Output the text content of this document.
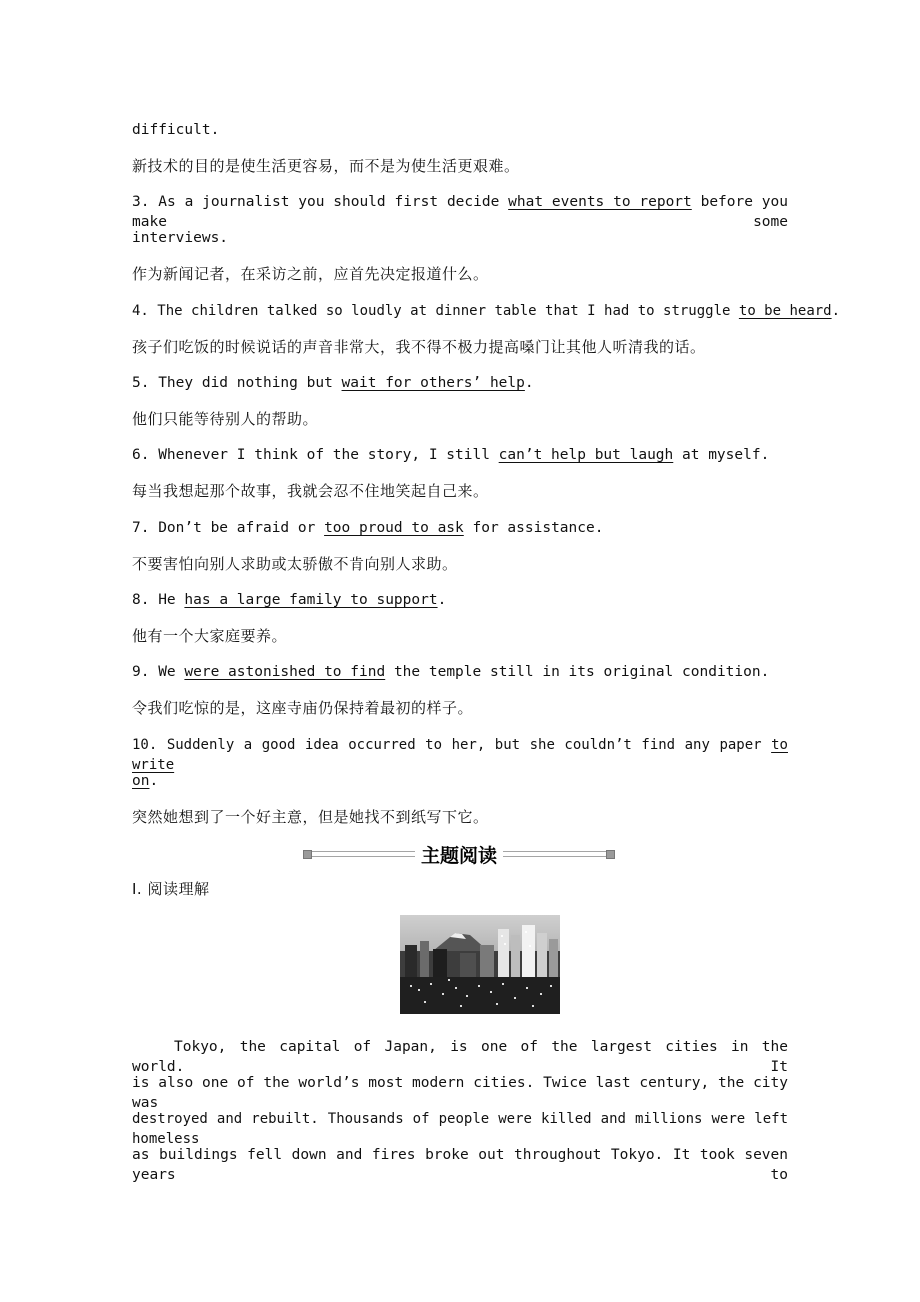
difficult.
新技术的目的是使生活更容易，而不是为使生活更艰难。
3. As a journalist you should first decide what events to report before you make some
interviews.
作为新闻记者，在采访之前，应首先决定报道什么。
4. The children talked so loudly at dinner table that I had to struggle to be heard.
孩子们吃饭的时候说话的声音非常大，我不得不极力提高嗓门让其他人听清我的话。
5. They did nothing but wait for others’ help.
他们只能等待别人的帮助。
6. Whenever I think of the story, I still can’t help but laugh at myself.
每当我想起那个故事，我就会忍不住地笑起自己来。
7. Don’t be afraid or too proud to ask for assistance.
不要害怕向别人求助或太骄傲不肯向别人求助。
8. He has a large family to support.
他有一个大家庭要养。
9. We were astonished to find the temple still in its original condition.
令我们吃惊的是，这座寺庙仍保持着最初的样子。
10. Suddenly a good idea occurred to her, but she couldn’t find any paper to write
on.
突然她想到了一个好主意，但是她找不到纸写下它。
主题阅读
Ⅰ. 阅读理解
Tokyo, the capital of Japan, is one of the largest cities in the world. It
is also one of the world’s most modern cities. Twice last century, the city was
destroyed and rebuilt. Thousands of people were killed and millions were left homeless
as buildings fell down and fires broke out throughout Tokyo. It took seven years to
